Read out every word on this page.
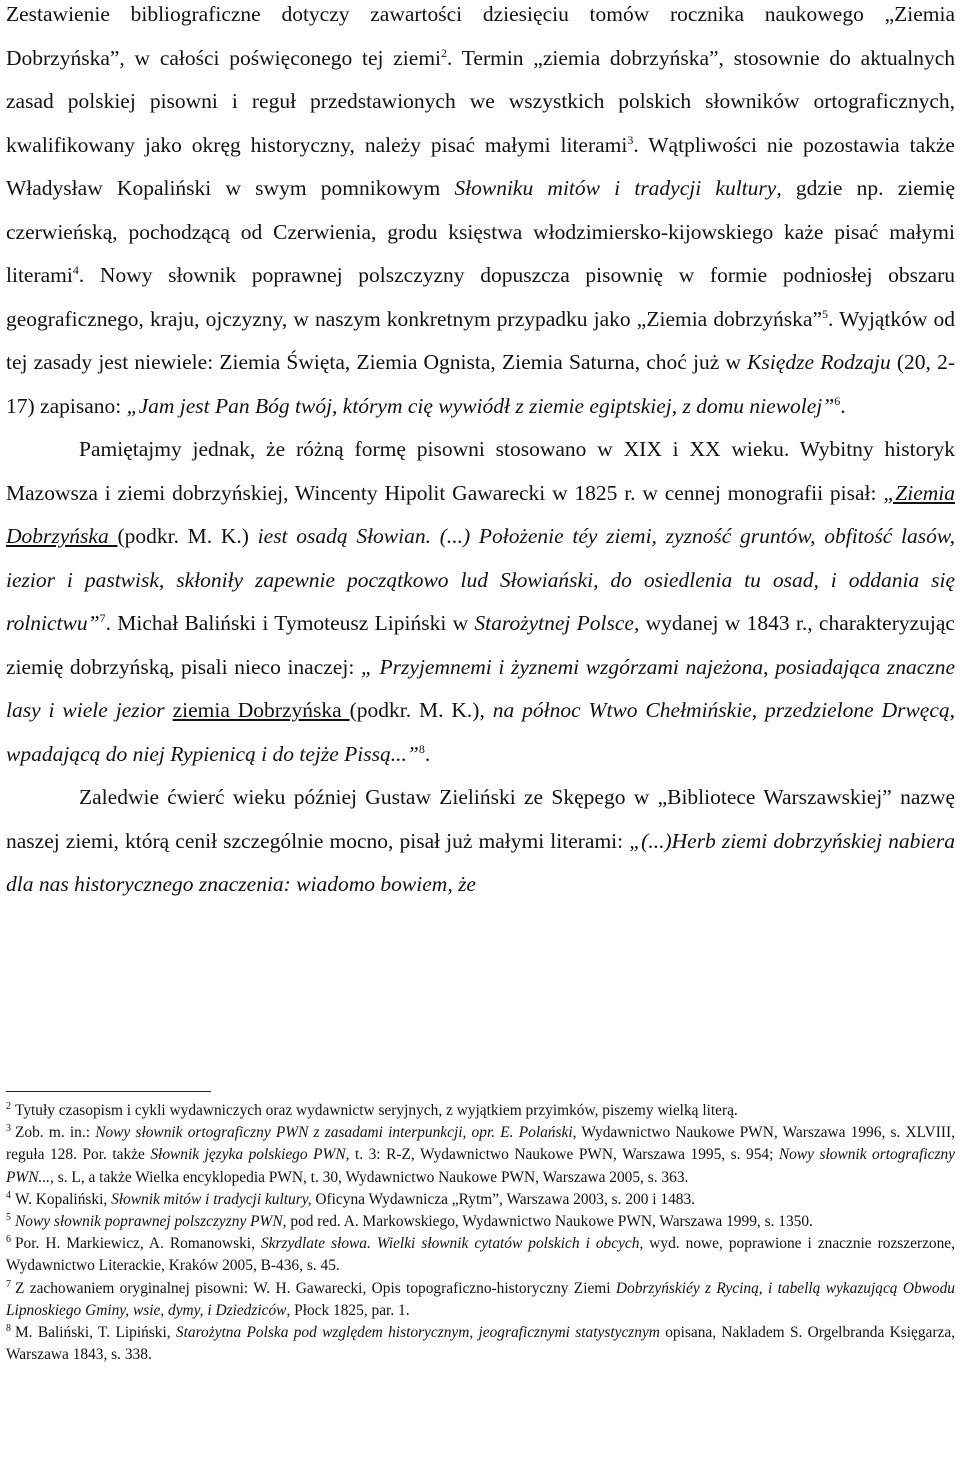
Zestawienie bibliograficzne dotyczy zawartości dziesięciu tomów rocznika naukowego „Ziemia Dobrzyńska”, w całości poświęconego tej ziemi$^2$. Termin „ziemia dobrzyńska”, stosownie do aktualnych zasad polskiej pisowni i reguł przedstawionych we wszystkich polskich słowników ortograficznych, kwalifikowany jako okręg historyczny, należy pisać małymi literami$^3$. Wątpliwości nie pozostawia także Władysław Kopaliński w swym pomnikowym Słowniku mitów i tradycji kultury, gdzie np. ziemię czerwieńską, pochodzącą od Czerwienia, grodu księstwa włodzimiersko-kijowskiego każe pisać małymi literami$^4$. Nowy słownik poprawnej polszczyzny dopuszcza pisownię w formie podniosłej obszaru geograficznego, kraju, ojczyzny, w naszym konkretnym przypadku jako „Ziemia dobrzyńska”$^5$. Wyjątków od tej zasady jest niewiele: Ziemia Święta, Ziemia Ognista, Ziemia Saturna, choć już w Księdze Rodzaju (20, 2-17) zapisano: „Jam jest Pan Bóg twój, którym cię wywiódł z ziemie egiptskiej, z domu niewolej”$^6$.

Pamiętajmy jednak, że różną formę pisowni stosowano w XIX i XX wieku. Wybitny historyk Mazowsza i ziemi dobrzyńskiej, Wincenty Hipolit Gawarecki w 1825 r. w cennej monografii pisał: „Ziemia Dobrzyńska (podkr. M. K.) iest osadą Słowian. (...) Położenie téy ziemi, zyzność gruntów, obfitość lasów, iezior i pastwisk, skłoniły zapewnie początkowo lud Słowiański, do osiedlenia tu osad, i oddania się rolnictwu”$^7$. Michał Baliński i Tymoteusz Lipiński w Starożytnej Polsce, wydanej w 1843 r., charakteryzując ziemię dobrzyńską, pisali nieco inaczej: „ Przyjemnemi i żyznemi wzgórzami najeżona, posiadająca znaczne lasy i wiele jezior ziemia Dobrzyńska (podkr. M. K.), na północ Wtwo Chełmińskie, przedzielone Drwęcą, wpadającą do niej Rypienicą i do tejże Pissą...”$^8$.

Zaledwie ćwierć wieku później Gustaw Zieliński ze Skępego w „Bibliotece Warszawskiej” nazwę naszej ziemi, którą cenił szczególnie mocno, pisał już małymi literami: „(...)Herb ziemi dobrzyńskiej nabiera dla nas historycznego znaczenia: wiadomo bowiem, że

$^2$ Tytuły czasopism i cykli wydawniczych oraz wydawnictw seryjnych, z wyjątkiem przyimków, piszemy wielką literą.

$^3$ Zob. m. in.: Nowy słownik ortograficzny PWN z zasadami interpunkcji, opr. E. Polański, Wydawnictwo Naukowe PWN, Warszawa 1996, s. XLVIII, reguła 128. Por. także Słownik języka polskiego PWN, t. 3: R-Z, Wydawnictwo Naukowe PWN, Warszawa 1995, s. 954; Nowy słownik ortograficzny PWN..., s. L, a także Wielka encyklopedia PWN, t. 30, Wydawnictwo Naukowe PWN, Warszawa 2005, s. 363.

$^4$ W. Kopaliński, Słownik mitów i tradycji kultury, Oficyna Wydawnicza „Rytm”, Warszawa 2003, s. 200 i 1483.

$^5$ Nowy słownik poprawnej polszczyzny PWN, pod red. A. Markowskiego, Wydawnictwo Naukowe PWN, Warszawa 1999, s. 1350.

$^6$ Por. H. Markiewicz, A. Romanowski, Skrzydlate słowa. Wielki słownik cytatów polskich i obcych, wyd. nowe, poprawione i znacznie rozszerzone, Wydawnictwo Literackie, Kraków 2005, B-436, s. 45.

$^7$ Z zachowaniem oryginalnej pisowni: W. H. Gawarecki, Opis topograficzno-historyczny Ziemi Dobrzyńskiéy z Ryciną, i tabellą wykazującą Obwodu Lipnoskiego Gminy, wsie, dymy, i Dziedziców, Płock 1825, par. 1.

$^8$ M. Baliński, T. Lipiński, Starożytna Polska pod względem historycznym, jeograficznymi statystycznym opisana, Nakladem S. Orgelbranda Księgarza, Warszawa 1843, s. 338.
